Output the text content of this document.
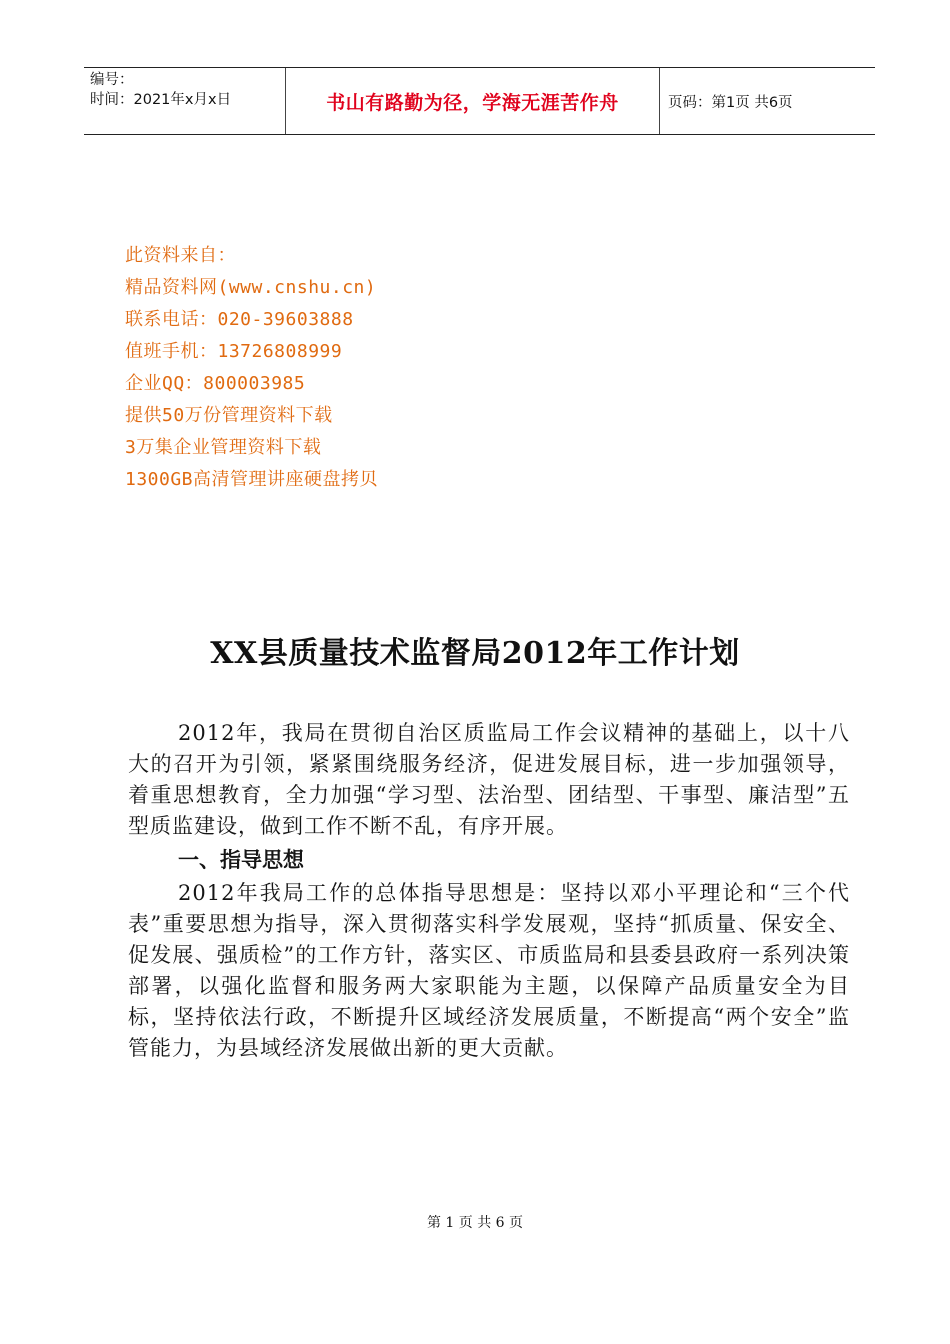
编号：
时间：2021年x月x日	书山有路勤为径，学海无涯苦作舟	页码：第1页 共6页
此资料来自：
精品资料网(www.cnshu.cn)
联系电话：020-39603888
值班手机：13726808999
企业QQ：800003985
提供50万份管理资料下载
3万集企业管理资料下载
1300GB高清管理讲座硬盘拷贝
XX县质量技术监督局2012年工作计划

2012年，我局在贯彻自治区质监局工作会议精神的基础上，以十八大的召开为引领，紧紧围绕服务经济，促进发展目标，进一步加强领导，着重思想教育，全力加强“学习型、法治型、团结型、干事型、廉洁型”五型质监建设，做到工作不断不乱，有序开展。

一、指导思想

2012年我局工作的总体指导思想是：坚持以邓小平理论和“三个代表”重要思想为指导，深入贯彻落实科学发展观，坚持“抓质量、保安全、促发展、强质检”的工作方针，落实区、市质监局和县委县政府一系列决策部署，以强化监督和服务两大家职能为主题，以保障产品质量安全为目标，坚持依法行政，不断提升区域经济发展质量，不断提高“两个安全”监管能力，为县域经济发展做出新的更大贡献。

第 1 页 共 6 页
